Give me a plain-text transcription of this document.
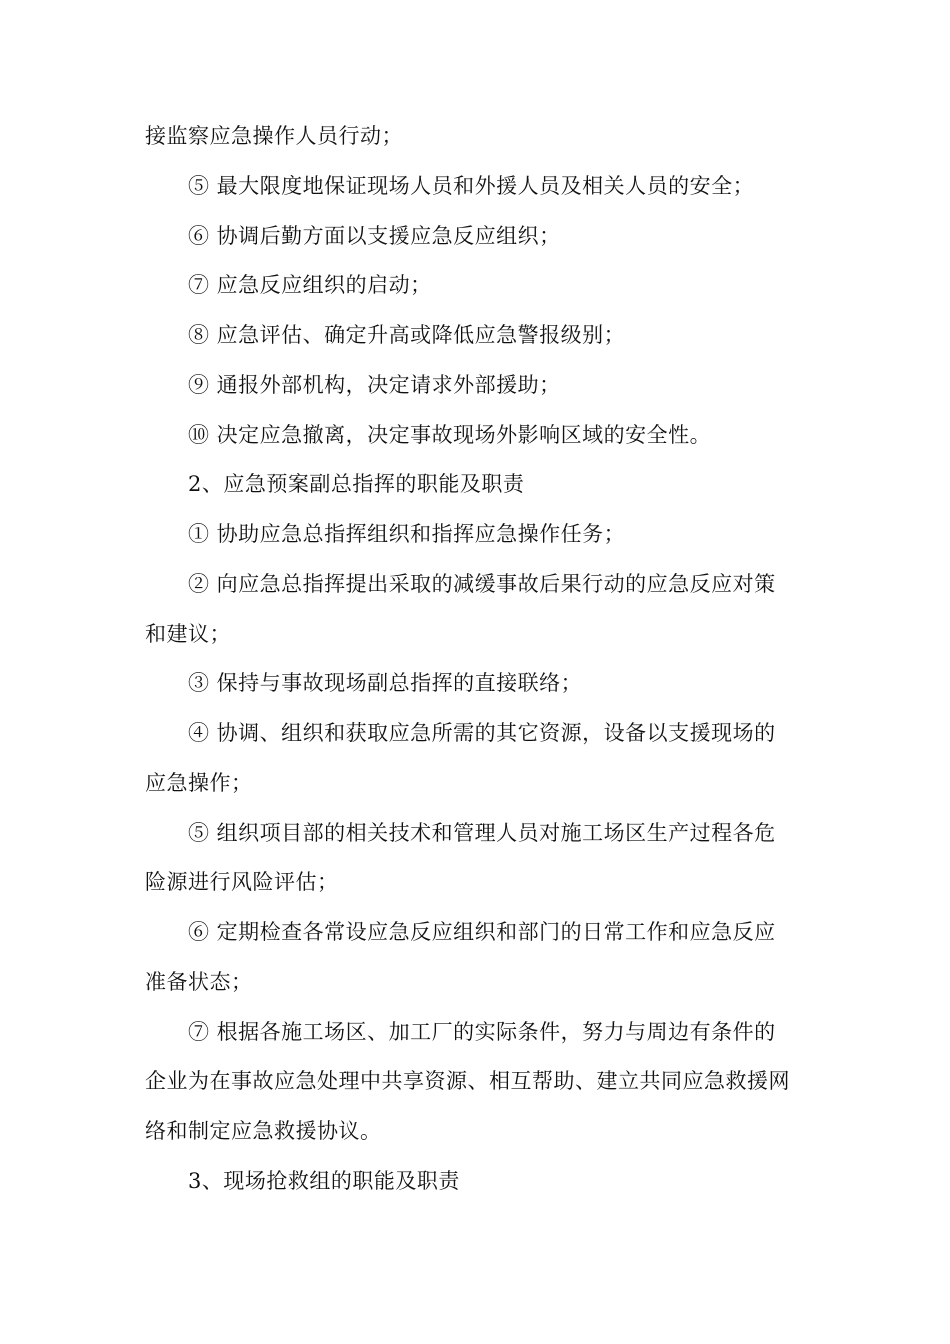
接监察应急操作人员行动；
⑤ 最大限度地保证现场人员和外援人员及相关人员的安全；
⑥ 协调后勤方面以支援应急反应组织；
⑦ 应急反应组织的启动；
⑧ 应急评估、确定升高或降低应急警报级别；
⑨ 通报外部机构，决定请求外部援助；
⑩ 决定应急撤离，决定事故现场外影响区域的安全性。
2、应急预案副总指挥的职能及职责
① 协助应急总指挥组织和指挥应急操作任务；
② 向应急总指挥提出采取的减缓事故后果行动的应急反应对策
和建议；
③ 保持与事故现场副总指挥的直接联络；
④ 协调、组织和获取应急所需的其它资源，设备以支援现场的
应急操作；
⑤ 组织项目部的相关技术和管理人员对施工场区生产过程各危
险源进行风险评估；
⑥ 定期检查各常设应急反应组织和部门的日常工作和应急反应
准备状态；
⑦ 根据各施工场区、加工厂的实际条件，努力与周边有条件的
企业为在事故应急处理中共享资源、相互帮助、建立共同应急救援网
络和制定应急救援协议。
3、现场抢救组的职能及职责
